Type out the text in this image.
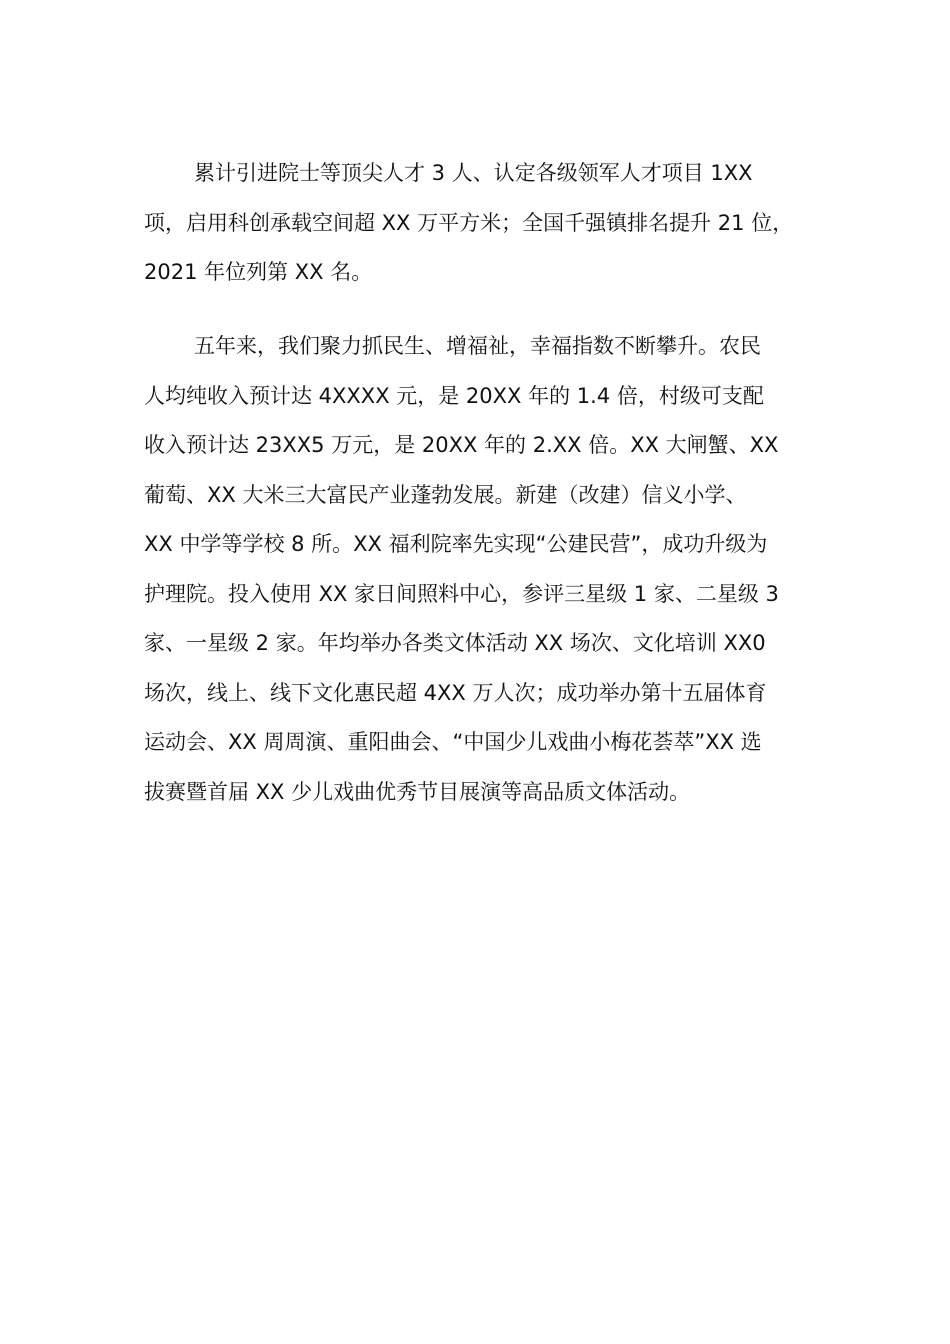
累计引进院士等顶尖人才 3 人、认定各级领军人才项目 1XX
项，启用科创承载空间超 XX 万平方米；全国千强镇排名提升 21 位，
2021 年位列第 XX 名。
五年来，我们聚力抓民生、增福祉，幸福指数不断攀升。农民
人均纯收入预计达 4XXXX 元，是 20XX 年的 1.4 倍，村级可支配
收入预计达 23XX5 万元，是 20XX 年的 2.XX 倍。XX 大闸蟹、XX
葡萄、XX 大米三大富民产业蓬勃发展。新建（改建）信义小学、
XX 中学等学校 8 所。XX 福利院率先实现“公建民营”，成功升级为
护理院。投入使用 XX 家日间照料中心，参评三星级 1 家、二星级 3
家、一星级 2 家。年均举办各类文体活动 XX 场次、文化培训 XX0
场次，线上、线下文化惠民超 4XX 万人次；成功举办第十五届体育
运动会、XX 周周演、重阳曲会、“中国少儿戏曲小梅花荟萃”XX 选
拔赛暨首届 XX 少儿戏曲优秀节目展演等高品质文体活动。
